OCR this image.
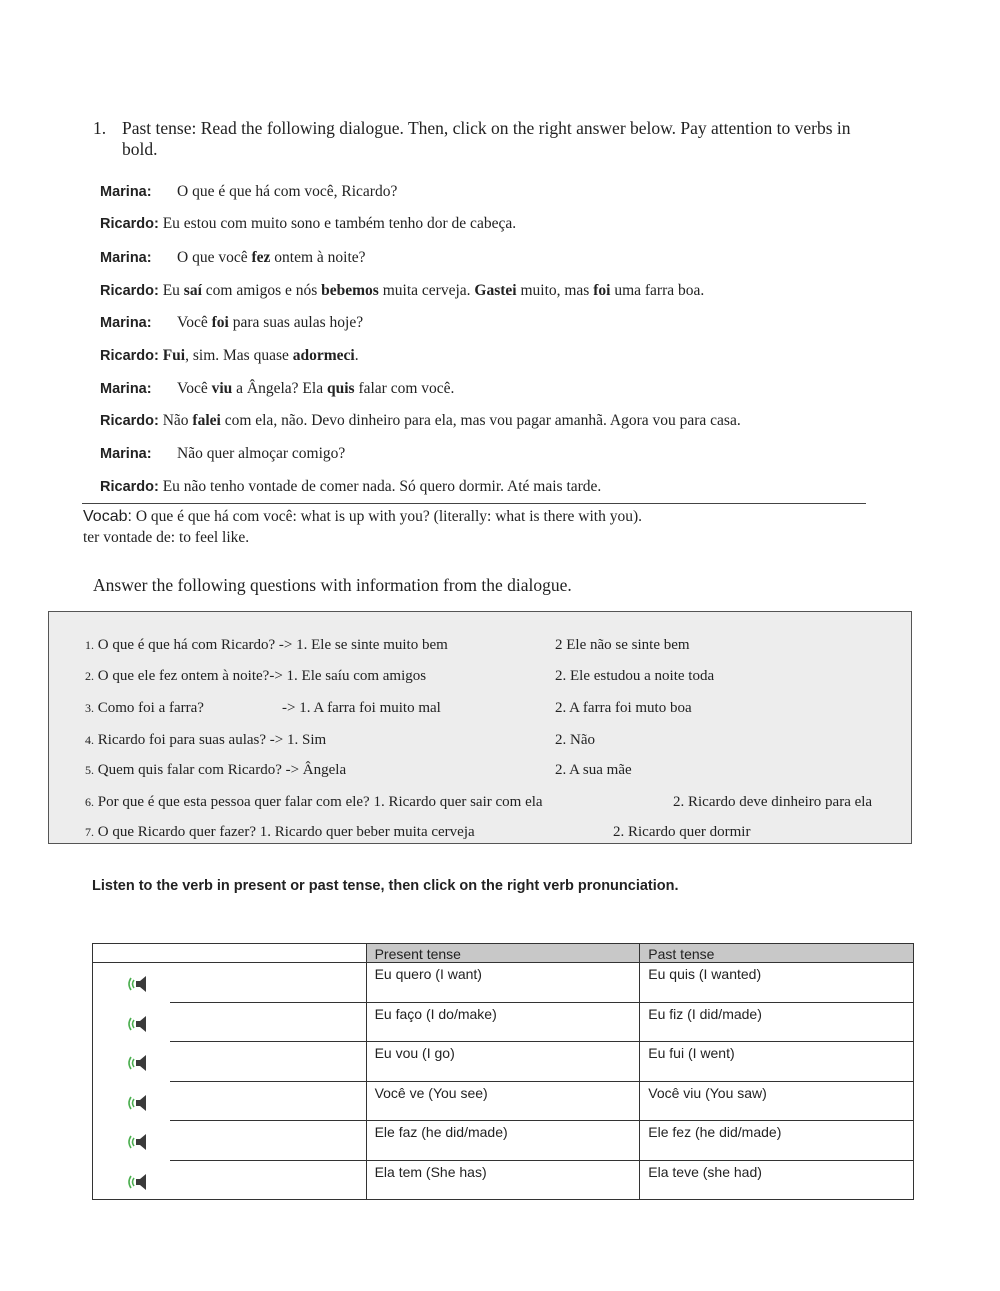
1. Past tense: Read the following dialogue. Then, click on the right answer below. Pay attention to verbs in bold.
Marina: O que é que há com você, Ricardo?
Ricardo: Eu estou com muito sono e também tenho dor de cabeça.
Marina: O que você fez ontem à noite?
Ricardo: Eu saí com amigos e nós bebemos muita cerveja. Gastei muito, mas foi uma farra boa.
Marina: Você foi para suas aulas hoje?
Ricardo: Fui, sim. Mas quase adormeci.
Marina: Você viu a Ângela? Ela quis falar com você.
Ricardo: Não falei com ela, não. Devo dinheiro para ela, mas vou pagar amanhã. Agora vou para casa.
Marina: Não quer almoçar comigo?
Ricardo: Eu não tenho vontade de comer nada. Só quero dormir. Até mais tarde.
Vocab: O que é que há com você: what is up with you? (literally: what is there with you).
ter vontade de: to feel like.
Answer the following questions with information from the dialogue.
1. O que é que há com Ricardo? -> 1. Ele se sinte muito bem	2 Ele não se sinte bem
2. O que ele fez ontem à noite?-> 1. Ele saíu com amigos	2. Ele estudou a noite toda
3. Como foi a farra?	-> 1. A farra foi muito mal	2. A farra foi muto boa
4. Ricardo foi para suas aulas? -> 1. Sim	2. Não
5. Quem quis falar com Ricardo? -> Ângela	2. A sua mãe
6. Por que é que esta pessoa quer falar com ele? 1. Ricardo quer sair com ela	2. Ricardo deve dinheiro para ela
7. O que Ricardo quer fazer? 1. Ricardo quer beber muita cerveja	2. Ricardo quer dormir
Listen to the verb in present or past tense, then click on the right verb pronunciation.
	Present tense	Past tense

	Eu quero (I want)	Eu quis (I wanted)

	Eu faço (I do/make)	Eu fiz (I did/made)

	Eu vou (I go)	Eu fui (I went)

	Você ve (You see)	Você viu (You saw)

	Ele faz (he did/made)	Ele fez (he did/made)

	Ela tem (She has)	Ela teve (she had)
